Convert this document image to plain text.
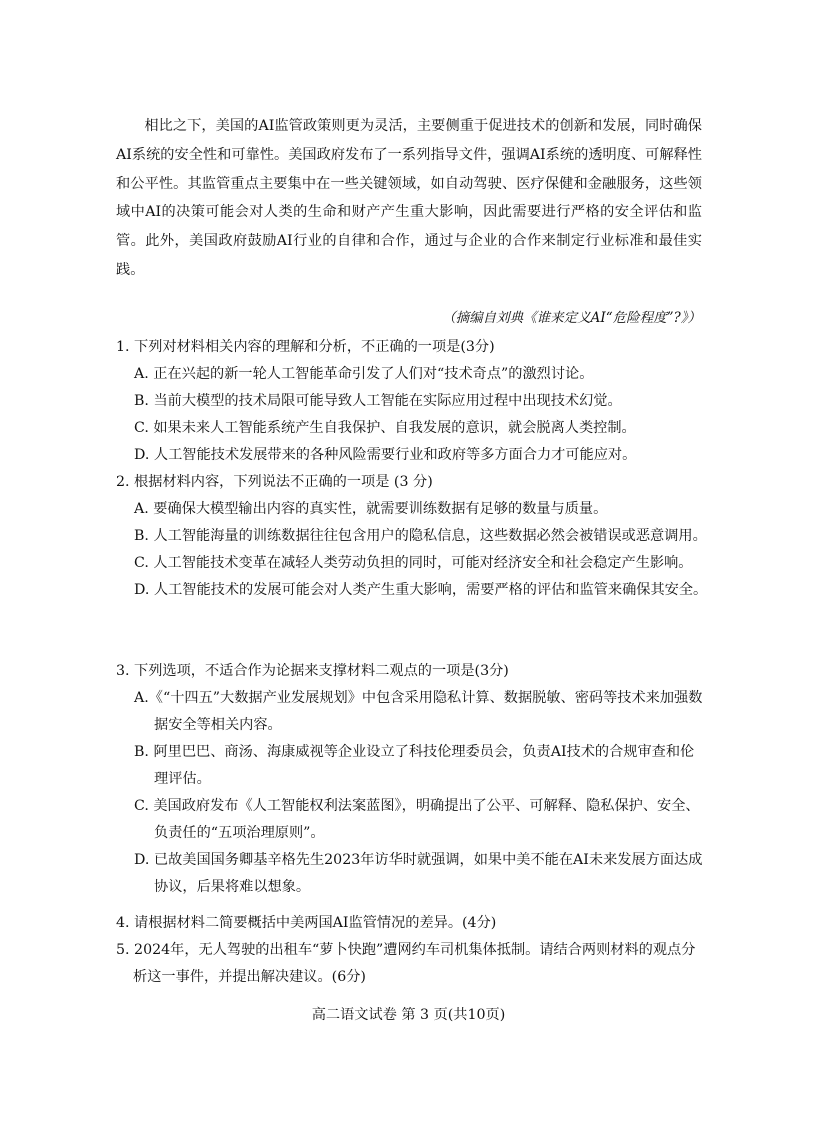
相比之下，美国的AI监管政策则更为灵活，主要侧重于促进技术的创新和发展，同时确保AI系统的安全性和可靠性。美国政府发布了一系列指导文件，强调AI系统的透明度、可解释性和公平性。其监管重点主要集中在一些关键领域，如自动驾驶、医疗保健和金融服务，这些领域中AI的决策可能会对人类的生命和财产产生重大影响，因此需要进行严格的安全评估和监管。此外，美国政府鼓励AI行业的自律和合作，通过与企业的合作来制定行业标准和最佳实践。
（摘编自刘典《谁来定义AI“危险程度”?》）
1. 下列对材料相关内容的理解和分析，不正确的一项是(3分)
A. 正在兴起的新一轮人工智能革命引发了人们对“技术奇点”的激烈讨论。
B. 当前大模型的技术局限可能导致人工智能在实际应用过程中出现技术幻觉。
C. 如果未来人工智能系统产生自我保护、自我发展的意识，就会脱离人类控制。
D. 人工智能技术发展带来的各种风险需要行业和政府等多方面合力才可能应对。
2. 根据材料内容，下列说法不正确的一项是 (3 分)
A. 要确保大模型输出内容的真实性，就需要训练数据有足够的数量与质量。
B. 人工智能海量的训练数据往往包含用户的隐私信息，这些数据必然会被错误或恶意调用。
C. 人工智能技术变革在减轻人类劳动负担的同时，可能对经济安全和社会稳定产生影响。
D. 人工智能技术的发展可能会对人类产生重大影响，需要严格的评估和监管来确保其安全。
3. 下列选项，不适合作为论据来支撑材料二观点的一项是(3分)
A.《“十四五”大数据产业发展规划》中包含采用隐私计算、数据脱敏、密码等技术来加强数据安全等相关内容。
B. 阿里巴巴、商汤、海康威视等企业设立了科技伦理委员会，负责AI技术的合规审查和伦理评估。
C. 美国政府发布《人工智能权利法案蓝图》，明确提出了公平、可解释、隐私保护、安全、负责任的“五项治理原则”。
D. 已故美国国务卿基辛格先生2023年访华时就强调，如果中美不能在AI未来发展方面达成协议，后果将难以想象。
4. 请根据材料二简要概括中美两国AI监管情况的差异。(4分)
5. 2024年，无人驾驶的出租车“萝卜快跑”遭网约车司机集体抵制。请结合两则材料的观点分析这一事件，并提出解决建议。(6分)
高二语文试卷 第 3 页(共10页)
